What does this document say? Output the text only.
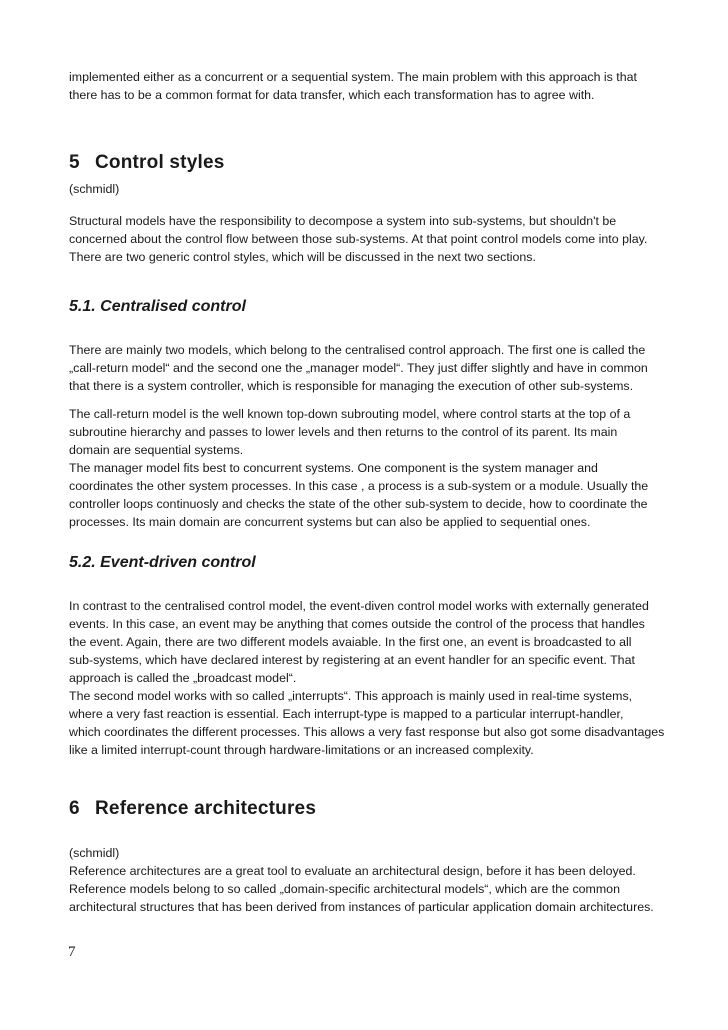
implemented either as a concurrent or a sequential system. The main problem with this approach is that
there has to be a common format for data transfer, which each transformation has to agree with.
5 Control styles
(schmidl)
Structural models have the responsibility to decompose a system into sub-systems, but shouldn't be
concerned about the control flow between those sub-systems. At that point control models come into play.
There are two generic control styles, which will be discussed in the next two sections.
5.1. Centralised control
There are mainly two models, which belong to the centralised control approach. The first one is called the
„call-return model“ and the second one the „manager model“. They just differ slightly and have in common
that there is a system controller, which is responsible for managing the execution of other sub-systems.
The call-return model is the well known top-down subrouting model, where control starts at the top of a
subroutine hierarchy and passes to lower levels and then returns to the control of its parent. Its main
domain are sequential systems.
The manager model fits best to concurrent systems. One component is the system manager and
coordinates the other system processes. In this case , a process is a sub-system or a module. Usually the
controller loops continuosly and checks the state of the other sub-system to decide, how to coordinate the
processes. Its main domain are concurrent systems but can also be applied to sequential ones.
5.2. Event-driven control
In contrast to the centralised control model, the event-diven control model works with externally generated
events. In this case, an event may be anything that comes outside the control of the process that handles
the event. Again, there are two different models avaiable. In the first one, an event is broadcasted to all
sub-systems, which have declared interest by registering at an event handler for an specific event. That
approach is called the „broadcast model“.
The second model works with so called „interrupts“. This approach is mainly used in real-time systems,
where a very fast reaction is essential. Each interrupt-type is mapped to a particular interrupt-handler,
which coordinates the different processes. This allows a very fast response but also got some disadvantages
like a limited interrupt-count through hardware-limitations or an increased complexity.
6 Reference architectures
(schmidl)
Reference architectures are a great tool to evaluate an architectural design, before it has been deloyed.
Reference models belong to so called „domain-specific architectural models“, which are the common
architectural structures that has been derived from instances of particular application domain architectures.
7
